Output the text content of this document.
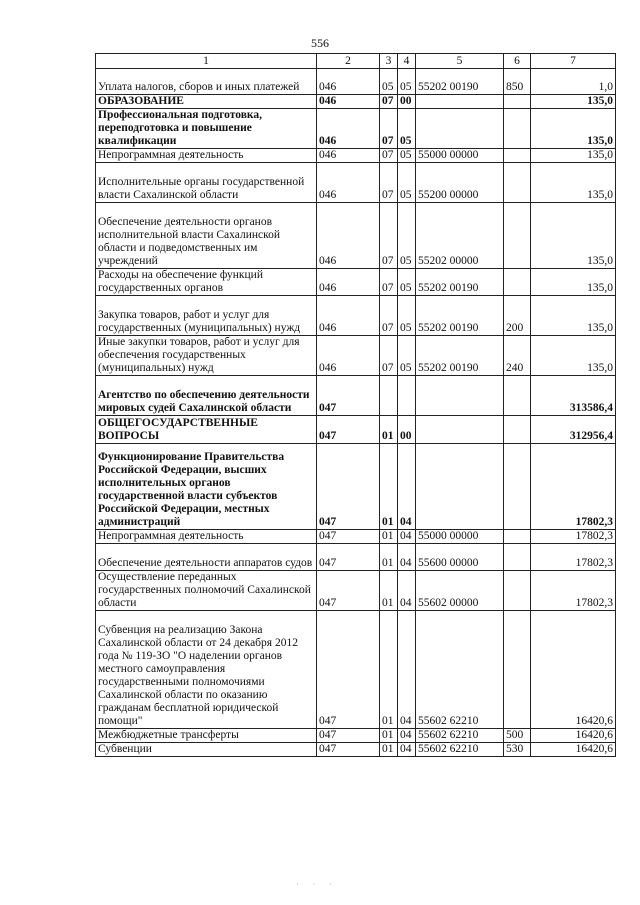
556
1	2	3	4	5	6	7
Уплата налогов, сборов и иных платежей	046	05	05	55202 00190	850	1,0
ОБРАЗОВАНИЕ	046	07	00			135,0
Профессиональная подготовка, переподготовка и повышение квалификации	046	07	05			135,0
Непрограммная деятельность	046	07	05	55000 00000		135,0
Исполнительные органы государственной власти Сахалинской области	046	07	05	55200 00000		135,0
Обеспечение деятельности органов исполнительной власти Сахалинской области и подведомственных им учреждений	046	07	05	55202 00000		135,0
Расходы на обеспечение функций государственных органов	046	07	05	55202 00190		135,0
Закупка товаров, работ и услуг для государственных (муниципальных) нужд	046	07	05	55202 00190	200	135,0
Иные закупки товаров, работ и услуг для обеспечения государственных (муниципальных) нужд	046	07	05	55202 00190	240	135,0
Агентство по обеспечению деятельности мировых судей Сахалинской области	047					313586,4
ОБЩЕГОСУДАРСТВЕННЫЕ ВОПРОСЫ	047	01	00			312956,4
Функционирование Правительства Российской Федерации, высших исполнительных органов государственной власти субъектов Российской Федерации, местных администраций	047	01	04			17802,3
Непрограммная деятельность	047	01	04	55000 00000		17802,3
Обеспечение деятельности аппаратов судов	047	01	04	55600 00000		17802,3
Осуществление переданных государственных полномочий Сахалинской области	047	01	04	55602 00000		17802,3
Субвенция на реализацию Закона Сахалинской области от 24 декабря 2012 года № 119-ЗО "О наделении органов местного самоуправления государственными полномочиями Сахалинской области по оказанию гражданам бесплатной юридической помощи"	047	01	04	55602 62210		16420,6
Межбюджетные трансферты	047	01	04	55602 62210	500	16420,6
Субвенции	047	01	04	55602 62210	530	16420,6
· · ·
